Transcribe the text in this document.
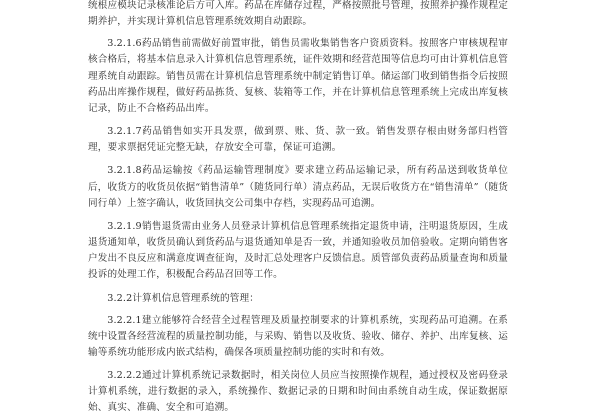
统根应模块记录核准论后方可入库。药品在库储存过程，严格按照批号管理，按照养护操作规程定期养护，并实现计算机信息管理系统效期自动跟踪。

3.2.1.6药品销售前需做好前置审批，销售员需收集销售客户资质资料。按照客户审核规程审核合格后，将基本信息录入计算机信息管理系统，证件效期和经营范围等信息均可由计算机信息管理系统自动跟踪。销售员需在计算机信息管理系统中制定销售订单。储运部门收到销售指令后按照药品出库操作规程，做好药品拣货、复核、装箱等工作，并在计算机信息管理系统上完成出库复核记录，防止不合格药品出库。

3.2.1.7药品销售如实开具发票，做到票、账、货、款一致。销售发票存根由财务部归档管理，要求票据凭证完整无缺，存放安全可靠，保证可追溯。

3.2.1.8药品运输按《药品运输管理制度》要求建立药品运输记录，所有药品送到收货单位后，收货方的收货员依据“销售清单”（随货同行单）清点药品，无误后收货方在“销售清单”（随货同行单）上签字确认，收货回执交公司集中存档，实现药品可追溯。

3.2.1.9销售退货需由业务人员登录计算机信息管理系统指定退货申请，注明退货原因，生成退货通知单，收货员确认到货药品与退货通知单是否一致，并通知验收员加倍验收。定期向销售客户发出不良反应和满意度调查征询，及时汇总处理客户反馈信息。质管部负责药品质量查询和质量投诉的处理工作，积极配合药品召回等工作。

3.2.2计算机信息管理系统的管理：

3.2.2.1建立能够符合经营全过程管理及质量控制要求的计算机系统，实现药品可追溯。在系统中设置各经营流程的质量控制功能，与采购、销售以及收货、验收、储存、养护、出库复核、运输等系统功能形成内嵌式结构，确保各项质量控制功能的实时和有效。

3.2.2.2通过计算机系统记录数据时，相关岗位人员应当按照操作规程，通过授权及密码登录计算机系统，进行数据的录入，系统操作、数据记录的日期和时间由系统自动生成，保证数据原始、真实、准确、安全和可追溯。
